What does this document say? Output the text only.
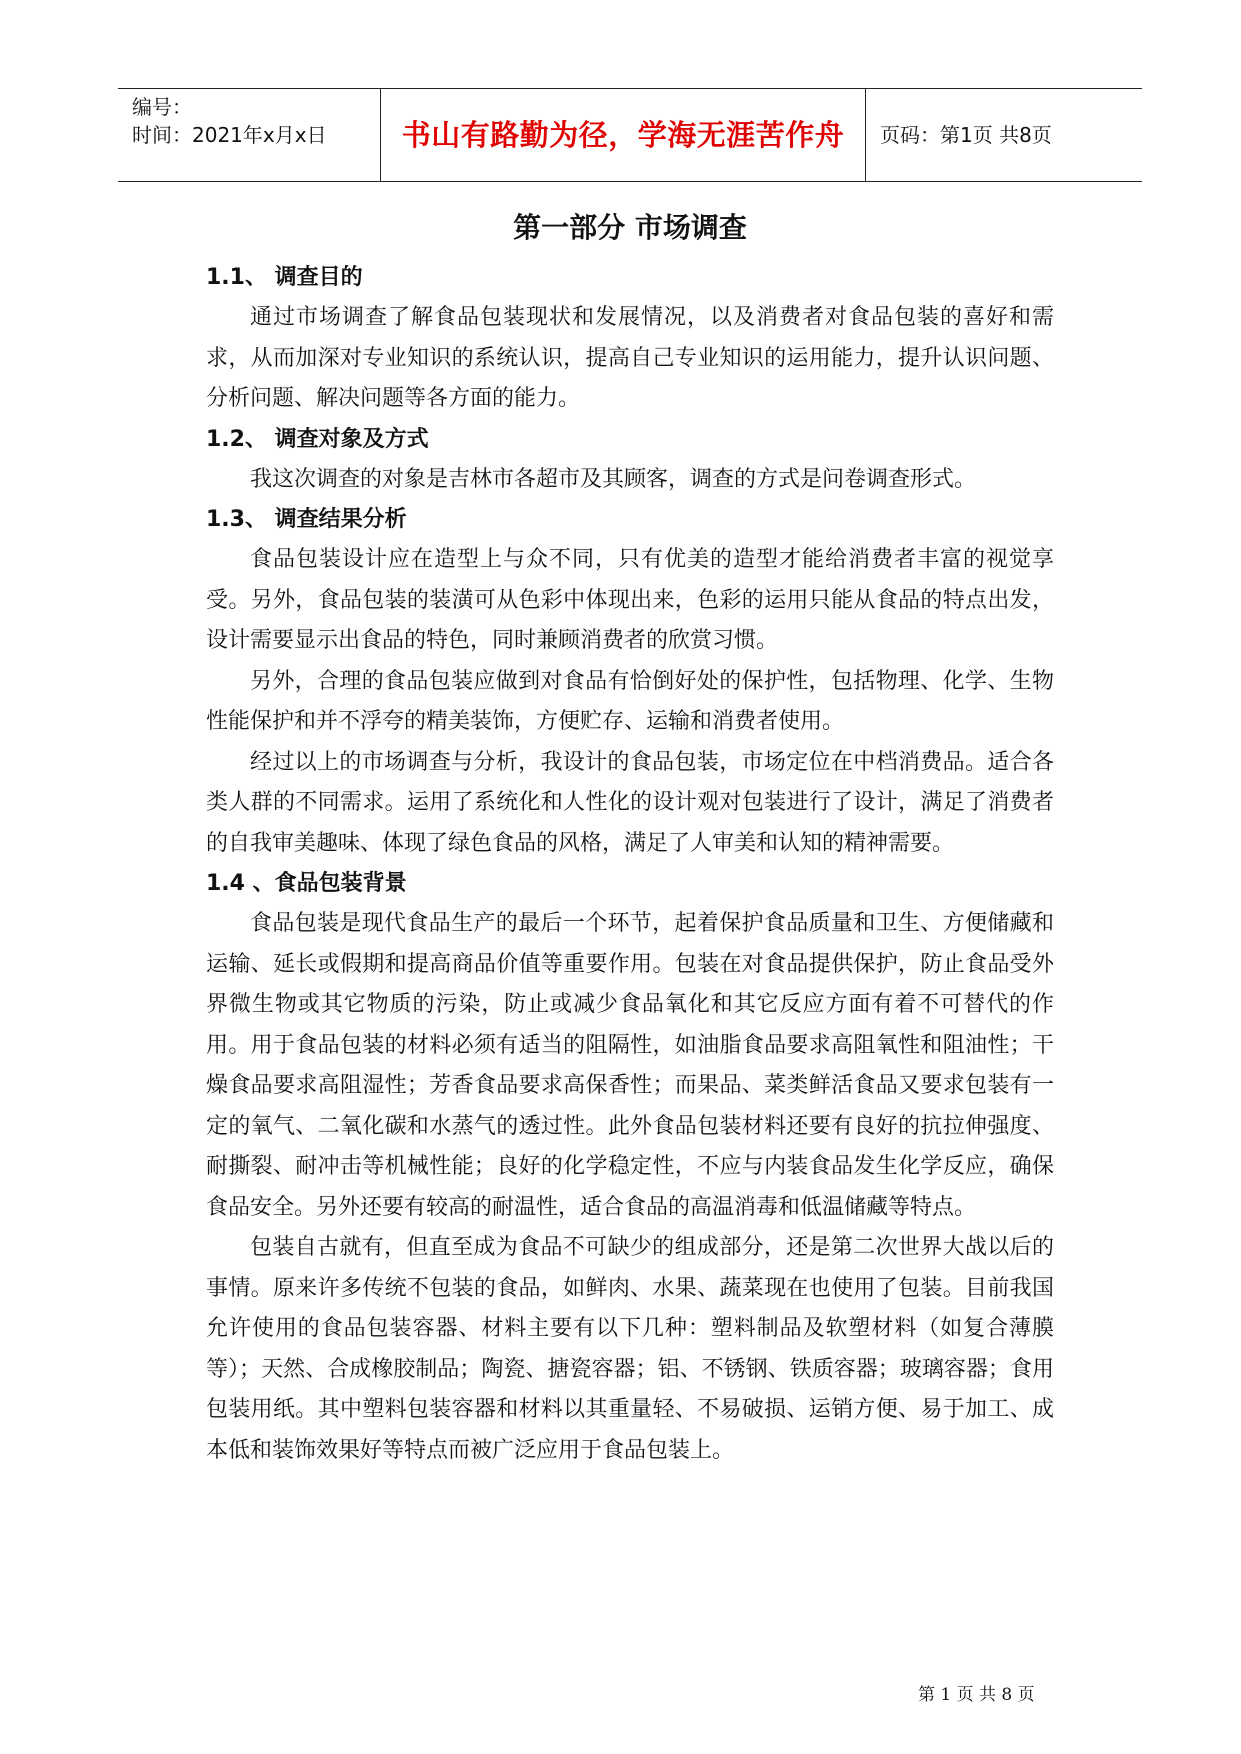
编号：
时间：2021年x月x日	书山有路勤为径，学海无涯苦作舟	页码：第1页 共8页
第一部分 市场调查
1.1、 调查目的
通过市场调查了解食品包装现状和发展情况，以及消费者对食品包装的喜好和需求，从而加深对专业知识的系统认识，提高自己专业知识的运用能力，提升认识问题、分析问题、解决问题等各方面的能力。
1.2、 调查对象及方式
我这次调查的对象是吉林市各超市及其顾客，调查的方式是问卷调查形式。
1.3、 调查结果分析
食品包装设计应在造型上与众不同，只有优美的造型才能给消费者丰富的视觉享受。另外，食品包装的装潢可从色彩中体现出来，色彩的运用只能从食品的特点出发，设计需要显示出食品的特色，同时兼顾消费者的欣赏习惯。
另外，合理的食品包装应做到对食品有恰倒好处的保护性，包括物理、化学、生物性能保护和并不浮夸的精美装饰，方便贮存、运输和消费者使用。
经过以上的市场调查与分析，我设计的食品包装，市场定位在中档消费品。适合各类人群的不同需求。运用了系统化和人性化的设计观对包装进行了设计，满足了消费者的自我审美趣味、体现了绿色食品的风格，满足了人审美和认知的精神需要。
1.4 、食品包装背景
食品包装是现代食品生产的最后一个环节，起着保护食品质量和卫生、方便储藏和运输、延长或假期和提高商品价值等重要作用。包装在对食品提供保护，防止食品受外界微生物或其它物质的污染，防止或减少食品氧化和其它反应方面有着不可替代的作用。用于食品包装的材料必须有适当的阻隔性，如油脂食品要求高阻氧性和阻油性；干燥食品要求高阻湿性；芳香食品要求高保香性；而果品、菜类鲜活食品又要求包装有一定的氧气、二氧化碳和水蒸气的透过性。此外食品包装材料还要有良好的抗拉伸强度、耐撕裂、耐冲击等机械性能；良好的化学稳定性，不应与内装食品发生化学反应，确保食品安全。另外还要有较高的耐温性，适合食品的高温消毒和低温储藏等特点。
包装自古就有，但直至成为食品不可缺少的组成部分，还是第二次世界大战以后的事情。原来许多传统不包装的食品，如鲜肉、水果、蔬菜现在也使用了包装。目前我国允许使用的食品包装容器、材料主要有以下几种：塑料制品及软塑材料（如复合薄膜等）；天然、合成橡胶制品；陶瓷、搪瓷容器；铝、不锈钢、铁质容器；玻璃容器；食用包装用纸。其中塑料包装容器和材料以其重量轻、不易破损、运销方便、易于加工、成本低和装饰效果好等特点而被广泛应用于食品包装上。
第 1 页 共 8 页
